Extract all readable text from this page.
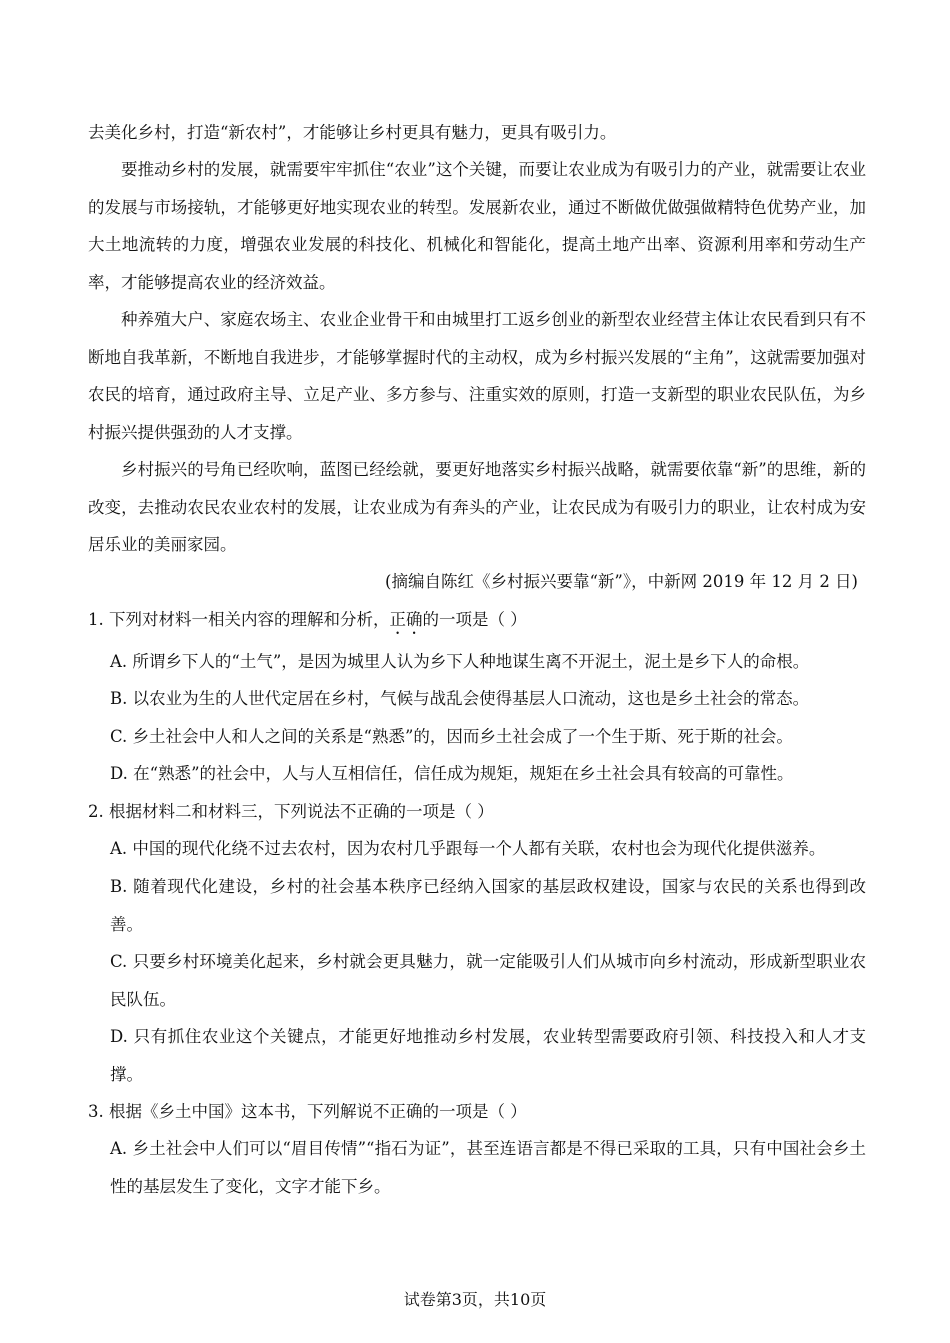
去美化乡村，打造“新农村”，才能够让乡村更具有魅力，更具有吸引力。

要推动乡村的发展，就需要牢牢抓住“农业”这个关键，而要让农业成为有吸引力的产业，就需要让农业的发展与市场接轨，才能够更好地实现农业的转型。发展新农业，通过不断做优做强做精特色优势产业，加大土地流转的力度，增强农业发展的科技化、机械化和智能化，提高土地产出率、资源利用率和劳动生产率，才能够提高农业的经济效益。

种养殖大户、家庭农场主、农业企业骨干和由城里打工返乡创业的新型农业经营主体让农民看到只有不断地自我革新，不断地自我进步，才能够掌握时代的主动权，成为乡村振兴发展的“主角”，这就需要加强对农民的培育，通过政府主导、立足产业、多方参与、注重实效的原则，打造一支新型的职业农民队伍，为乡村振兴提供强劲的人才支撑。

乡村振兴的号角已经吹响，蓝图已经绘就，要更好地落实乡村振兴战略，就需要依靠“新”的思维，新的改变，去推动农民农业农村的发展，让农业成为有奔头的产业，让农民成为有吸引力的职业，让农村成为安居乐业的美丽家园。

(摘编自陈红《乡村振兴要靠“新”》，中新网 2019 年 12 月 2 日)

1. 下列对材料一相关内容的理解和分析，正确的一项是（ ）

A. 所谓乡下人的“土气”，是因为城里人认为乡下人种地谋生离不开泥土，泥土是乡下人的命根。

B. 以农业为生的人世代定居在乡村，气候与战乱会使得基层人口流动，这也是乡土社会的常态。

C. 乡土社会中人和人之间的关系是“熟悉”的，因而乡土社会成了一个生于斯、死于斯的社会。

D. 在“熟悉”的社会中，人与人互相信任，信任成为规矩，规矩在乡土社会具有较高的可靠性。

2. 根据材料二和材料三，下列说法不正确的一项是（ ）

A. 中国的现代化绕不过去农村，因为农村几乎跟每一个人都有关联，农村也会为现代化提供滋养。

B. 随着现代化建设，乡村的社会基本秩序已经纳入国家的基层政权建设，国家与农民的关系也得到改善。

C. 只要乡村环境美化起来，乡村就会更具魅力，就一定能吸引人们从城市向乡村流动，形成新型职业农民队伍。

D. 只有抓住农业这个关键点，才能更好地推动乡村发展，农业转型需要政府引领、科技投入和人才支撑。

3. 根据《乡土中国》这本书，下列解说不正确的一项是（ ）

A. 乡土社会中人们可以“眉目传情”“指石为证”，甚至连语言都是不得已采取的工具，只有中国社会乡土性的基层发生了变化，文字才能下乡。

试卷第3页，共10页
